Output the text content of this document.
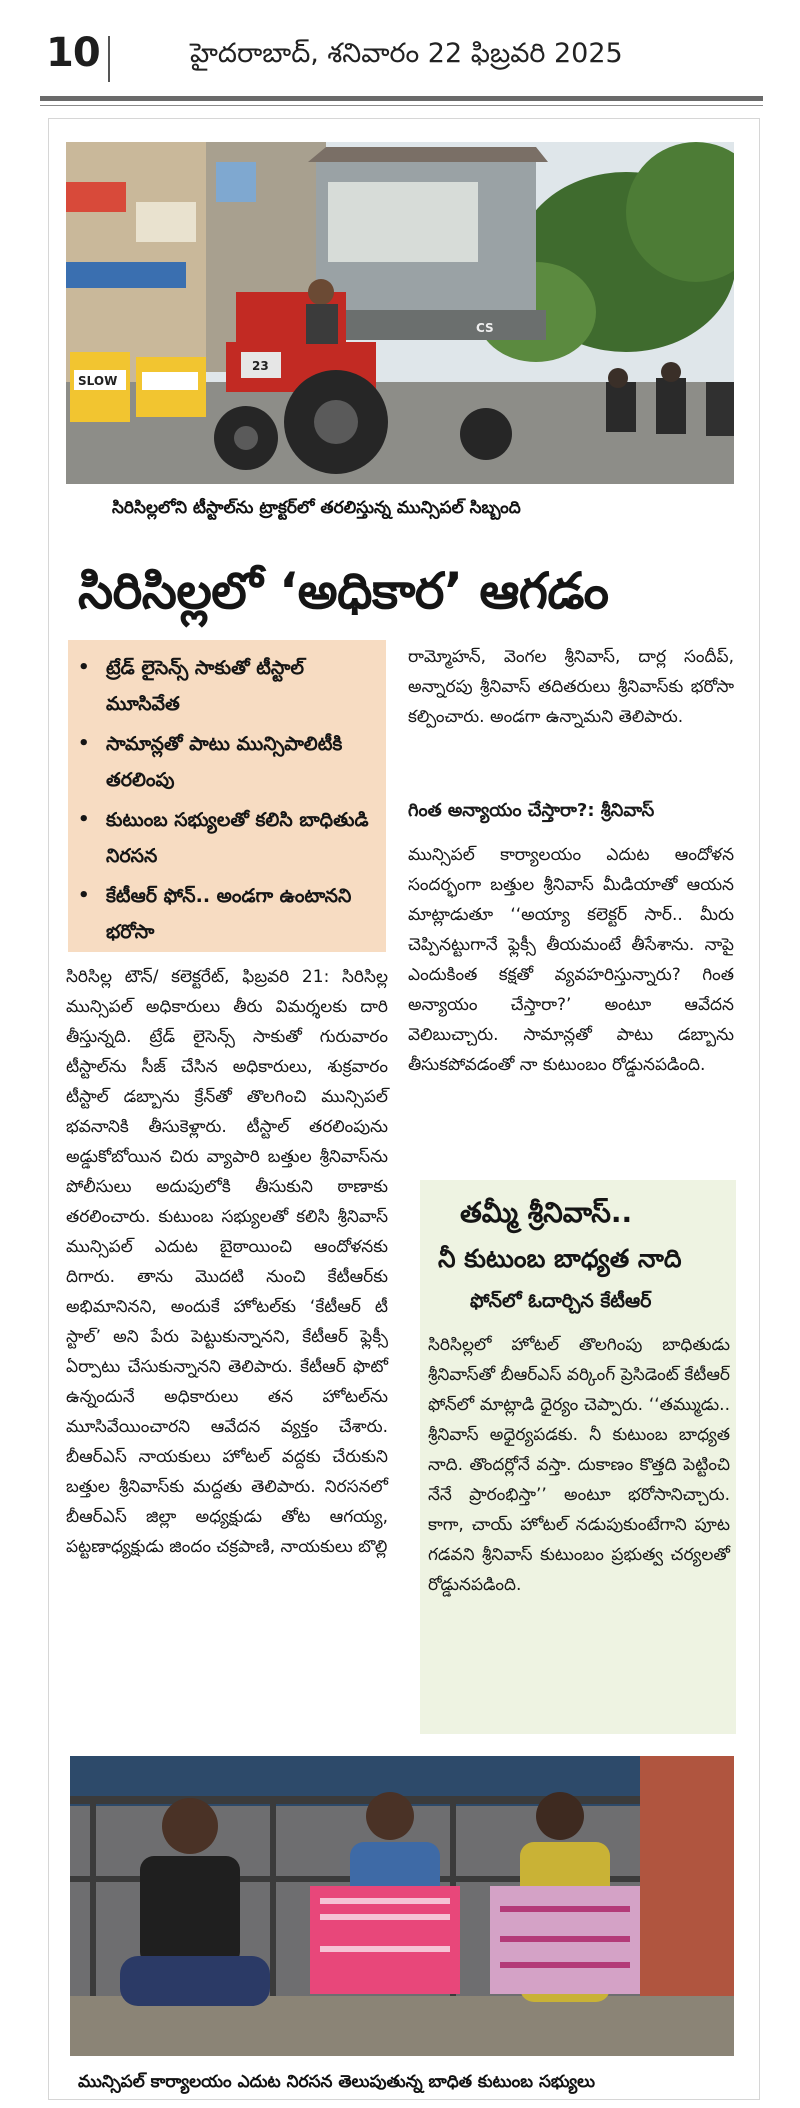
10	హైదరాబాద్, శనివారం 22 ఫిబ్రవరి 2025
SLOW
CS
23
సిరిసిల్లలోని టీస్టాల్‌ను ట్రాక్టర్‌లో తరలిస్తున్న మున్సిపల్ సిబ్బంది
సిరిసిల్లలో ‘అధికార’ ఆగడం
• ట్రేడ్ లైసెన్స్ సాకుతో టీస్టాల్ మూసివేత
• సామాన్లతో పాటు మున్సిపాలిటీకి తరలింపు
• కుటుంబ సభ్యులతో కలిసి బాధితుడి నిరసన
• కేటీఆర్ ఫోన్.. అండగా ఉంటానని భరోసా
సిరిసిల్ల టౌన్/ కలెక్టరేట్, ఫిబ్రవరి 21: సిరిసిల్ల మున్సిపల్ అధికారులు తీరు విమర్శలకు దారి తీస్తున్నది. ట్రేడ్ లైసెన్స్ సాకుతో గురువారం టీస్టాల్‌ను సీజ్ చేసిన అధికారులు, శుక్రవారం టీస్టాల్ డబ్బాను క్రేన్‌తో తొలగించి మున్సిపల్ భవనానికి తీసుకెళ్లారు. టీస్టాల్ తరలింపును అడ్డుకోబోయిన చిరు వ్యాపారి బత్తుల శ్రీనివాస్‌ను పోలీసులు అదుపులోకి తీసుకుని ఠాణాకు తరలించారు. కుటుంబ సభ్యులతో కలిసి శ్రీనివాస్ మున్సిపల్ ఎదుట బైఠాయించి ఆందోళనకు దిగారు. తాను మొదటి నుంచి కేటీఆర్‌కు అభిమానినని, అందుకే హోటల్‌కు ‘కేటీఆర్ టీ స్టాల్’ అని పేరు పెట్టుకున్నానని, కేటీఆర్ ఫ్లెక్సీ ఏర్పాటు చేసుకున్నానని తెలిపారు. కేటీఆర్ ఫొటో ఉన్నందునే అధికారులు తన హోటల్‌ను మూసివేయించారని ఆవేదన వ్యక్తం చేశారు. బీఆర్ఎస్ నాయకులు హోటల్ వద్దకు చేరుకుని బత్తుల శ్రీనివాస్‌కు మద్దతు తెలిపారు. నిరసనలో బీఆర్ఎస్ జిల్లా అధ్యక్షుడు తోట ఆగయ్య, పట్టణాధ్యక్షుడు జిందం చక్రపాణి, నాయకులు బొల్లి
రామ్మోహన్, వెంగల శ్రీనివాస్, దార్ల సందీప్, అన్నారపు శ్రీనివాస్ తదితరులు శ్రీనివాస్‌కు భరోసా కల్పించారు. అండగా ఉన్నామని తెలిపారు.
గింత అన్యాయం చేస్తారా?: శ్రీనివాస్
మున్సిపల్ కార్యాలయం ఎదుట ఆందోళన సందర్భంగా బత్తుల శ్రీనివాస్ మీడియాతో ఆయన మాట్లాడుతూ ‘‘అయ్యా కలెక్టర్ సార్.. మీరు చెప్పినట్టుగానే ఫ్లెక్సీ తీయమంటే తీసేశాను. నాపై ఎందుకింత కక్షతో వ్యవహరిస్తున్నారు? గింత అన్యాయం చేస్తారా?’ అంటూ ఆవేదన వెలిబుచ్చారు. సామాన్లతో పాటు డబ్బాను తీసుకపోవడంతో నా కుటుంబం రోడ్డునపడింది.
తమ్మీ శ్రీనివాస్..
నీ కుటుంబ బాధ్యత నాది
ఫోన్‌లో ఓదార్చిన కేటీఆర్
సిరిసిల్లలో హోటల్ తొలగింపు బాధితుడు శ్రీనివాస్‌తో బీఆర్ఎస్ వర్కింగ్ ప్రెసిడెంట్ కేటీఆర్ ఫోన్‌లో మాట్లాడి ధైర్యం చెప్పారు. ‘‘తమ్ముడు.. శ్రీనివాస్ అధైర్యపడకు. నీ కుటుంబ బాధ్యత నాది. తొందర్లోనే వస్తా. దుకాణం కొత్తది పెట్టించి నేనే ప్రారంభిస్తా’’ అంటూ భరోసానిచ్చారు. కాగా, చాయ్ హోటల్ నడుపుకుంటేగాని పూట గడవని శ్రీనివాస్ కుటుంబం ప్రభుత్వ చర్యలతో రోడ్డునపడింది.
మున్సిపల్ కార్యాలయం ఎదుట నిరసన తెలుపుతున్న బాధిత కుటుంబ సభ్యులు
